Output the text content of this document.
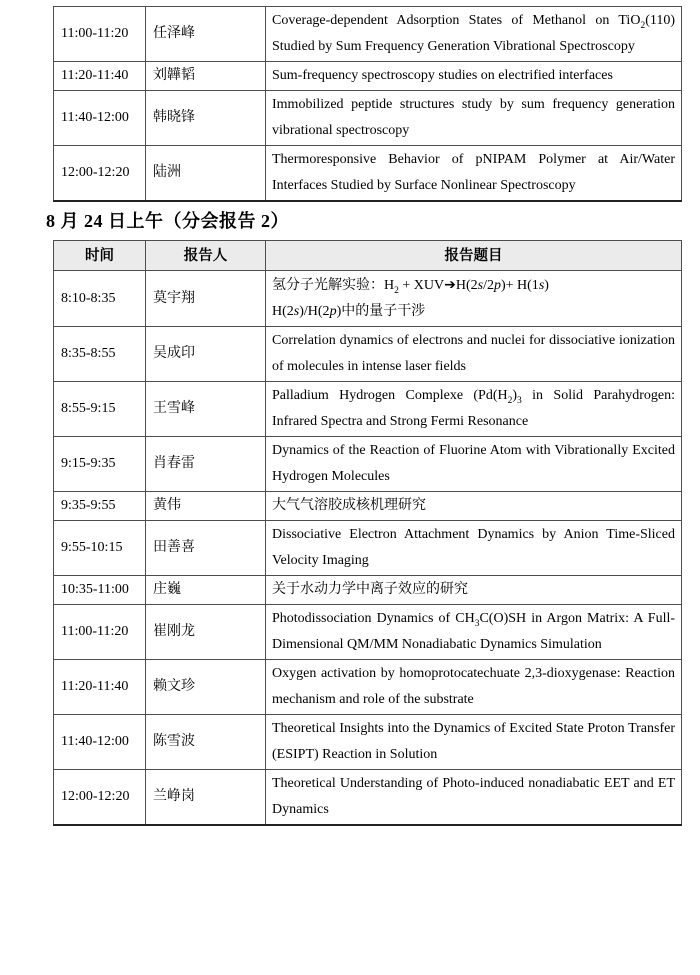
11:00-11:20	任泽峰	Coverage-dependent Adsorption States of Methanol on TiO$_2$(110) Studied by Sum Frequency Generation Vibrational Spectroscopy
11:20-11:40	刘韡韬	Sum-frequency spectroscopy studies on electrified interfaces
11:40-12:00	韩晓锋	Immobilized peptide structures study by sum frequency generation vibrational spectroscopy
12:00-12:20	陆洲	Thermoresponsive Behavior of pNIPAM Polymer at Air/Water Interfaces Studied by Surface Nonlinear Spectroscopy
8 月 24 日上午（分会报告 2）
时间	报告人	报告题目
8:10-8:35	莫宇翔	氢分子光解实验：$H_2$ + XUV➔H(2s/2p)+ H(1s)
H(2s)/H(2p)中的量子干涉
8:35-8:55	吴成印	Correlation dynamics of electrons and nuclei for dissociative ionization of molecules in intense laser fields
8:55-9:15	王雪峰	Palladium Hydrogen Complexe ($Pd(H_2)_3$ in Solid Parahydrogen: Infrared Spectra and Strong Fermi Resonance
9:15-9:35	肖春雷	Dynamics of the Reaction of Fluorine Atom with Vibrationally Excited Hydrogen Molecules
9:35-9:55	黄伟	大气气溶胶成核机理研究
9:55-10:15	田善喜	Dissociative Electron Attachment Dynamics by Anion Time-Sliced Velocity Imaging
10:35-11:00	庄巍	关于水动力学中离子效应的研究
11:00-11:20	崔刚龙	Photodissociation Dynamics of $CH_3C(O)SH$ in Argon Matrix: A Full-Dimensional QM/MM Nonadiabatic Dynamics Simulation
11:20-11:40	赖文珍	Oxygen activation by homoprotocatechuate 2,3-dioxygenase: Reaction mechanism and role of the substrate
11:40-12:00	陈雪波	Theoretical Insights into the Dynamics of Excited State Proton Transfer (ESIPT) Reaction in Solution
12:00-12:20	兰峥岗	Theoretical Understanding of Photo-induced nonadiabatic EET and ET Dynamics
